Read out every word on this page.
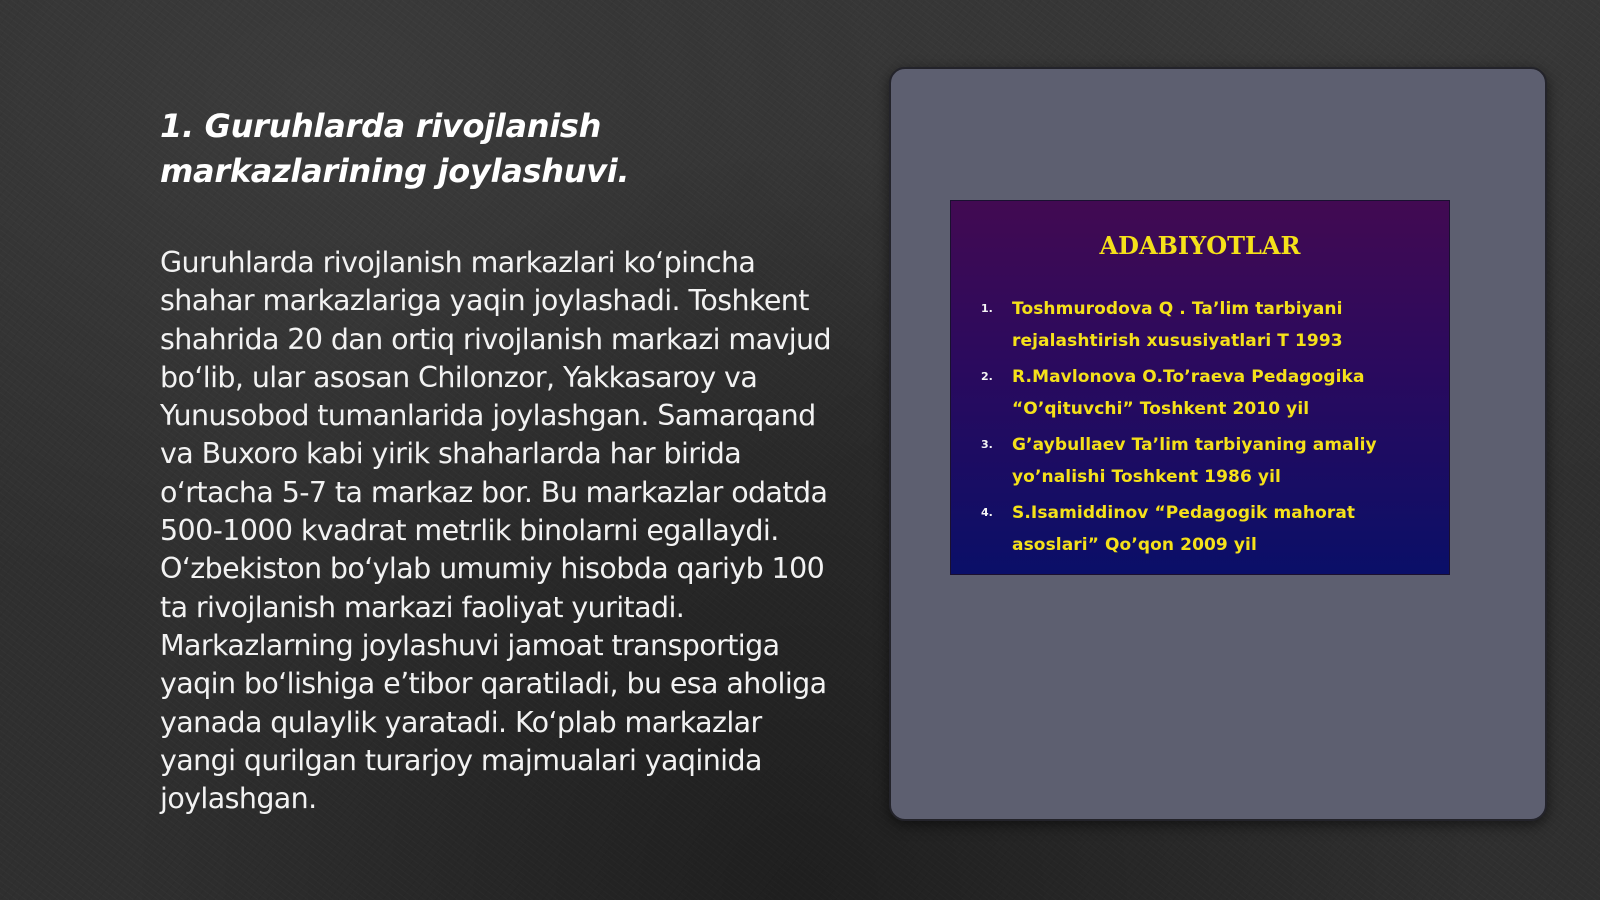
1. Guruhlarda rivojlanish markazlarining joylashuvi.

Guruhlarda rivojlanish markazlari koʻpincha shahar markazlariga yaqin joylashadi. Toshkent shahrida 20 dan ortiq rivojlanish markazi mavjud boʻlib, ular asosan Chilonzor, Yakkasaroy va Yunusobod tumanlarida joylashgan. Samarqand va Buxoro kabi yirik shaharlarda har birida oʻrtacha 5-7 ta markaz bor. Bu markazlar odatda 500-1000 kvadrat metrlik binolarni egallaydi. Oʻzbekiston boʻylab umumiy hisobda qariyb 100 ta rivojlanish markazi faoliyat yuritadi. Markazlarning joylashuvi jamoat transportiga yaqin boʻlishiga eʼtibor qaratiladi, bu esa aholiga yanada qulaylik yaratadi. Koʻplab markazlar yangi qurilgan turarjoy majmualari yaqinida joylashgan.

ADABIYOTLAR
1.	Toshmurodova Q . Ta’lim tarbiyani rejalashtirish xususiyatlari T 1993
2.	R.Mavlonova O.To’raeva Pedagogika “O’qituvchi” Toshkent 2010 yil
3.	G’aybullaev Ta’lim tarbiyaning amaliy yo’nalishi Toshkent 1986 yil
4.	S.Isamiddinov “Pedagogik mahorat asoslari” Qo’qon 2009 yil
